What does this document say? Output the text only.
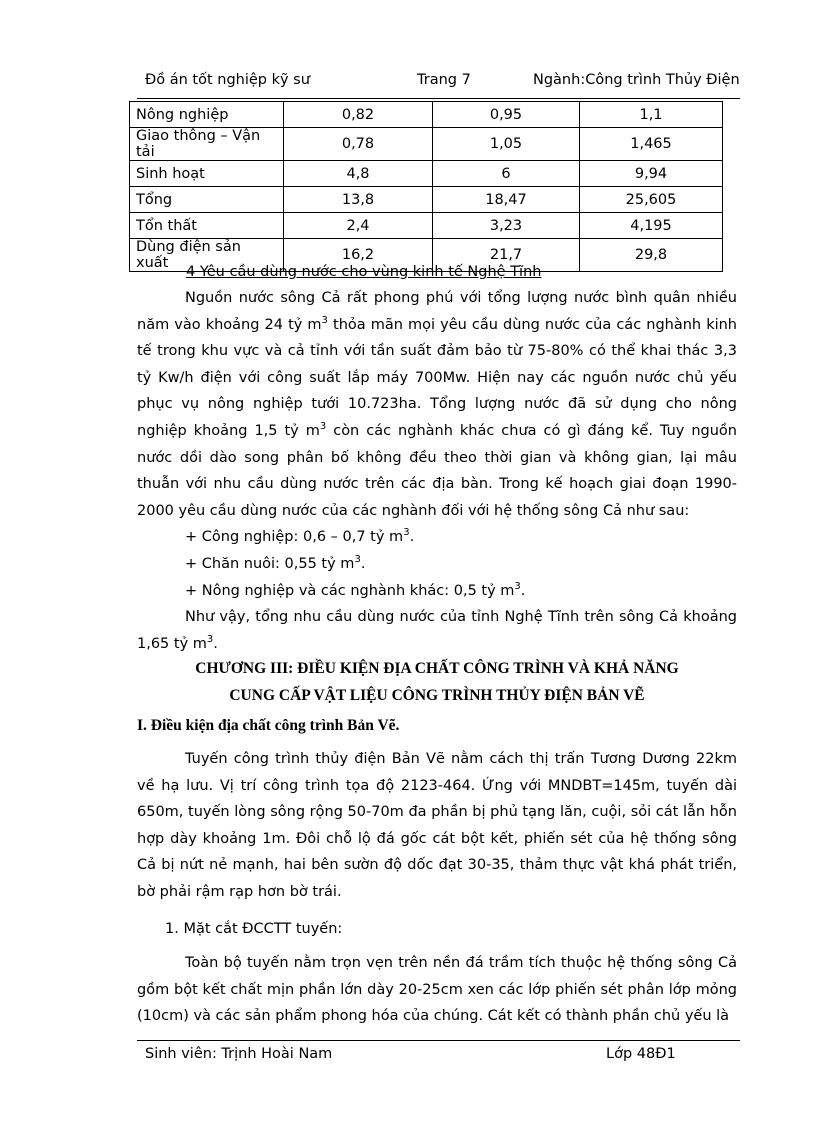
Đồ án tốt nghiệp kỹ sư	Trang 7	Ngành:Công trình Thủy Điện
Nông nghiệp	0,82	0,95	1,1
Giao thông – Vận tải	0,78	1,05	1,465
Sinh hoạt	4,8	6	9,94
Tổng	13,8	18,47	25,605
Tổn thất	2,4	3,23	4,195
Dùng điện sản xuất	16,2	21,7	29,8
4 Yêu cầu dùng nước cho vùng kinh tế Nghệ Tĩnh
Nguồn nước sông Cả rất phong phú với tổng lượng nước bình quân nhiều năm vào khoảng 24 tỷ $m^3$ thỏa mãn mọi yêu cầu dùng nước của các nghành kinh tế trong khu vực và cả tỉnh với tần suất đảm bảo từ 75-80% có thể khai thác 3,3 tỷ Kw/h điện với công suất lắp máy 700Mw. Hiện nay các nguồn nước chủ yếu phục vụ nông nghiệp tưới 10.723ha. Tổng lượng nước đã sử dụng cho nông nghiệp khoảng 1,5 tỷ $m^3$ còn các nghành khác chưa có gì đáng kể. Tuy nguồn nước dồi dào song phân bố không đều theo thời gian và không gian, lại mâu thuẫn với nhu cầu dùng nước trên các địa bàn. Trong kế hoạch giai đoạn 1990-2000 yêu cầu dùng nước của các nghành đối với hệ thống sông Cả như sau:
+ Công nghiệp: 0,6 – 0,7 tỷ $m^3$.
+ Chăn nuôi: 0,55 tỷ $m^3$.
+ Nông nghiệp và các nghành khác: 0,5 tỷ $m^3$.
Như vậy, tổng nhu cầu dùng nước của tỉnh Nghệ Tĩnh trên sông Cả khoảng 1,65 tỷ $m^3$.
CHƯƠNG III: ĐIỀU KIỆN ĐỊA CHẤT CÔNG TRÌNH VÀ KHẢ NĂNG
CUNG CẤP VẬT LIỆU CÔNG TRÌNH THỦY ĐIỆN BẢN VẼ
I. Điều kiện địa chất công trình Bản Vẽ.
Tuyến công trình thủy điện Bản Vẽ nằm cách thị trấn Tương Dương 22km về hạ lưu. Vị trí công trình tọa độ 2123-464. Ứng với MNDBT=145m, tuyến dài 650m, tuyến lòng sông rộng 50-70m đa phần bị phủ tạng lăn, cuội, sỏi cát lẫn hỗn hợp dày khoảng 1m. Đôi chỗ lộ đá gốc cát bột kết, phiến sét của hệ thống sông Cả bị nứt nẻ mạnh, hai bên sườn độ dốc đạt 30-35, thảm thực vật khá phát triển, bờ phải rậm rạp hơn bờ trái.
1. Mặt cắt ĐCCTT tuyến:
Toàn bộ tuyến nằm trọn vẹn trên nền đá trầm tích thuộc hệ thống sông Cả gồm bột kết chất mịn phần lớn dày 20-25cm xen các lớp phiến sét phân lớp mỏng (10cm) và các sản phẩm phong hóa của chúng. Cát kết có thành phần chủ yếu là
Sinh viên: Trịnh Hoài Nam	Lớp 48Đ1
